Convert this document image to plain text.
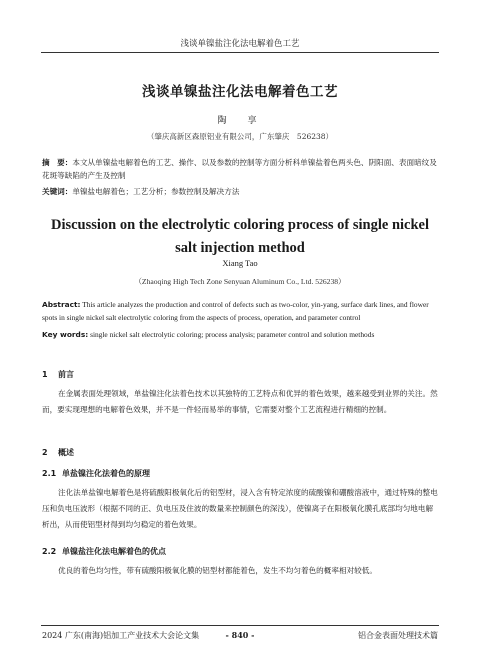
浅谈单镍盐注化法电解着色工艺
浅谈单镍盐注化法电解着色工艺
陶　享
（肇庆高新区森原铝业有限公司，广东肇庆　526238）
摘　要：本文从单镍盐电解着色的工艺、操作、以及参数的控制等方面分析科单镍盐着色两头色、阴阳面、表面暗纹及花斑等缺陷的产生及控制
关键词：单镍盐电解着色；工艺分析；参数控制及解决方法
Discussion on the electrolytic coloring process of single nickel salt injection method
Xiang Tao
（Zhaoqing High Tech Zone Senyuan Aluminum Co., Ltd. 526238）
Abstract: This article analyzes the production and control of defects such as two-color, yin-yang, surface dark lines, and flower spots in single nickel salt electrolytic coloring from the aspects of process, operation, and parameter control
Key words: single nickel salt electrolytic coloring; process analysis; parameter control and solution methods
1 前言
在金属表面处理领域，单盐镍注化法着色技术以其独特的工艺特点和优异的着色效果，越来越受到业界的关注。然而，要实现理想的电解着色效果，并不是一件轻而易举的事情，它需要对整个工艺流程进行精细的控制。
2 概述
2.1 单盐镍注化法着色的原理
注化法单盐镍电解着色是将硫酸阳极氧化后的铝型材，浸入含有特定浓度的硫酸镍和硼酸溶液中，通过特殊的整电压和负电压波形（根据不同的正、负电压及住波的数量来控制颜色的深浅），使镍离子在阳极氧化膜孔底部均匀地电解析出，从而使铝型材得到均匀稳定的着色效果。
2.2 单镍盐注化法电解着色的优点
优良的着色均匀性，带有硫酸阳极氧化膜的铝型材都能着色，发生不均匀着色的概率相对较低。
2024 广东(南海)铝加工产业技术大会论文集	- 840 -	铝合金表面处理技术篇
